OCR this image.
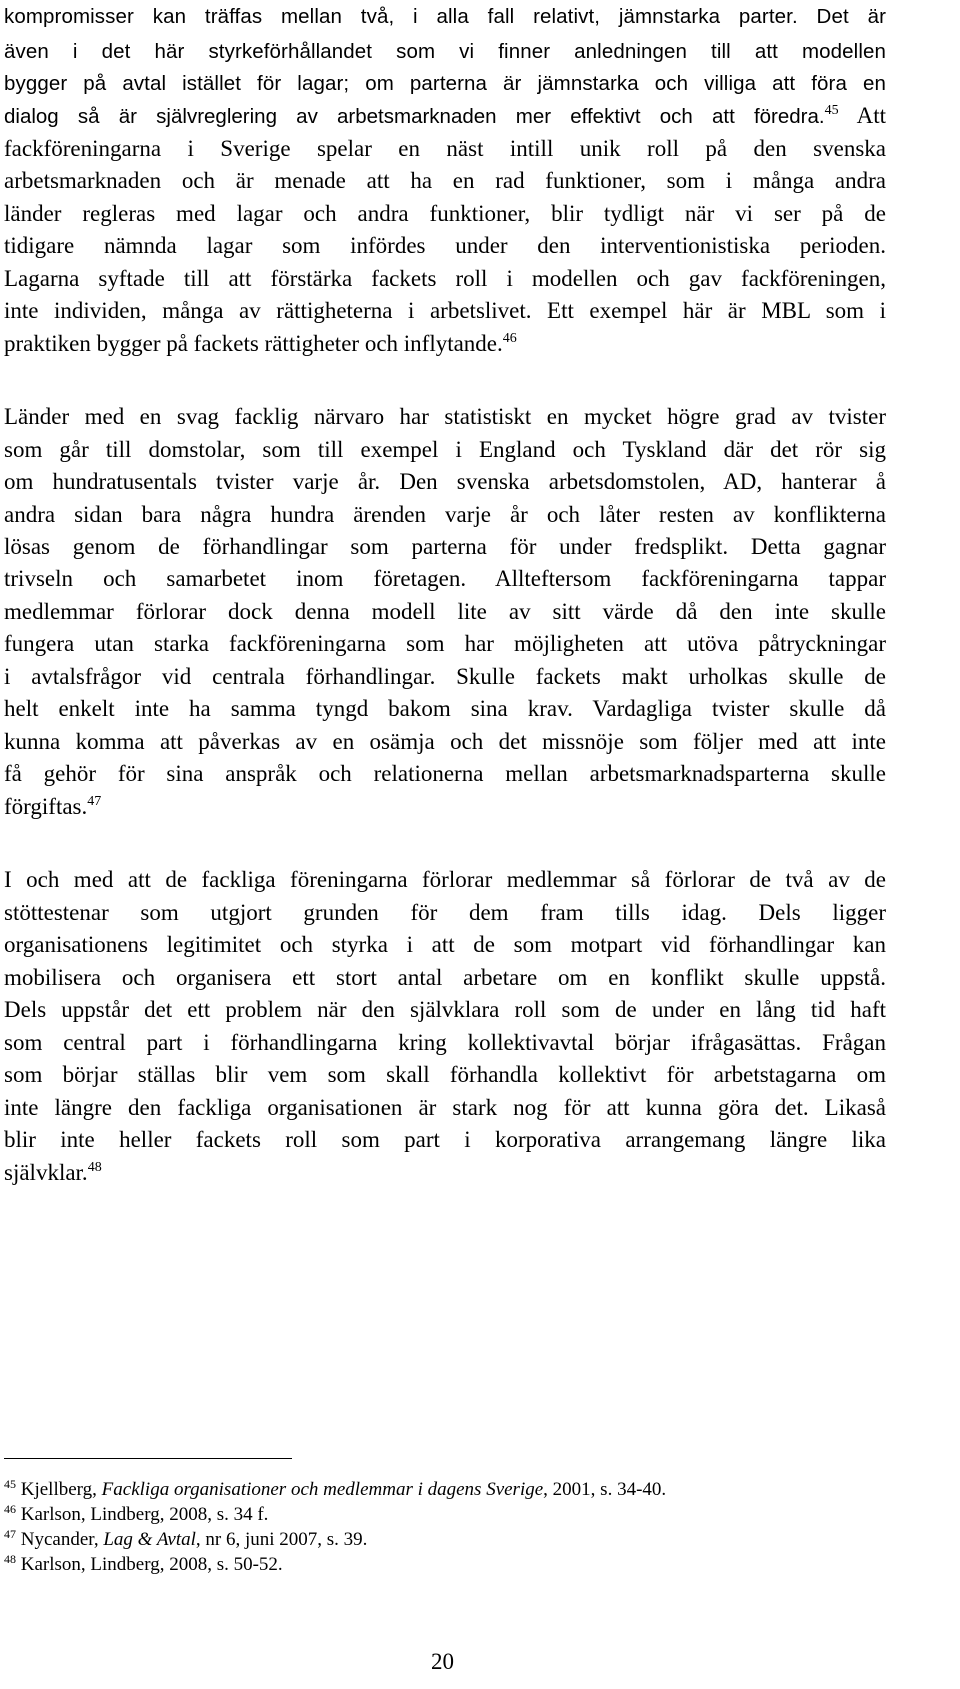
kompromisser kan träffas mellan två, i alla fall relativt, jämnstarka parter. Det är
även i det här styrkeförhållandet som vi finner anledningen till att modellen
bygger på avtal istället för lagar; om parterna är jämnstarka och villiga att föra en
dialog så är självreglering av arbetsmarknaden mer effektivt och att föredra.$^{45}$ Att
fackföreningarna i Sverige spelar en näst intill unik roll på den svenska
arbetsmarknaden och är menade att ha en rad funktioner, som i många andra
länder regleras med lagar och andra funktioner, blir tydligt när vi ser på de
tidigare nämnda lagar som infördes under den interventionistiska perioden.
Lagarna syftade till att förstärka fackets roll i modellen och gav fackföreningen,
inte individen, många av rättigheterna i arbetslivet. Ett exempel här är MBL som i
praktiken bygger på fackets rättigheter och inflytande.$^{46}$
Länder med en svag facklig närvaro har statistiskt en mycket högre grad av tvister
som går till domstolar, som till exempel i England och Tyskland där det rör sig
om hundratusentals tvister varje år. Den svenska arbetsdomstolen, AD, hanterar å
andra sidan bara några hundra ärenden varje år och låter resten av konflikterna
lösas genom de förhandlingar som parterna för under fredsplikt. Detta gagnar
trivseln och samarbetet inom företagen. Allteftersom fackföreningarna tappar
medlemmar förlorar dock denna modell lite av sitt värde då den inte skulle
fungera utan starka fackföreningarna som har möjligheten att utöva påtryckningar
i avtalsfrågor vid centrala förhandlingar. Skulle fackets makt urholkas skulle de
helt enkelt inte ha samma tyngd bakom sina krav. Vardagliga tvister skulle då
kunna komma att påverkas av en osämja och det missnöje som följer med att inte
få gehör för sina anspråk och relationerna mellan arbetsmarknadsparterna skulle
förgiftas.$^{47}$
I och med att de fackliga föreningarna förlorar medlemmar så förlorar de två av de
stöttestenar som utgjort grunden för dem fram tills idag. Dels ligger
organisationens legitimitet och styrka i att de som motpart vid förhandlingar kan
mobilisera och organisera ett stort antal arbetare om en konflikt skulle uppstå.
Dels uppstår det ett problem när den självklara roll som de under en lång tid haft
som central part i förhandlingarna kring kollektivavtal börjar ifrågasättas. Frågan
som börjar ställas blir vem som skall förhandla kollektivt för arbetstagarna om
inte längre den fackliga organisationen är stark nog för att kunna göra det. Likaså
blir inte heller fackets roll som part i korporativa arrangemang längre lika
självklar.$^{48}$
$^{45}$ Kjellberg, Fackliga organisationer och medlemmar i dagens Sverige, 2001, s. 34-40.
$^{46}$ Karlson, Lindberg, 2008, s. 34 f.
$^{47}$ Nycander, Lag & Avtal, nr 6, juni 2007, s. 39.
$^{48}$ Karlson, Lindberg, 2008, s. 50-52.
20
